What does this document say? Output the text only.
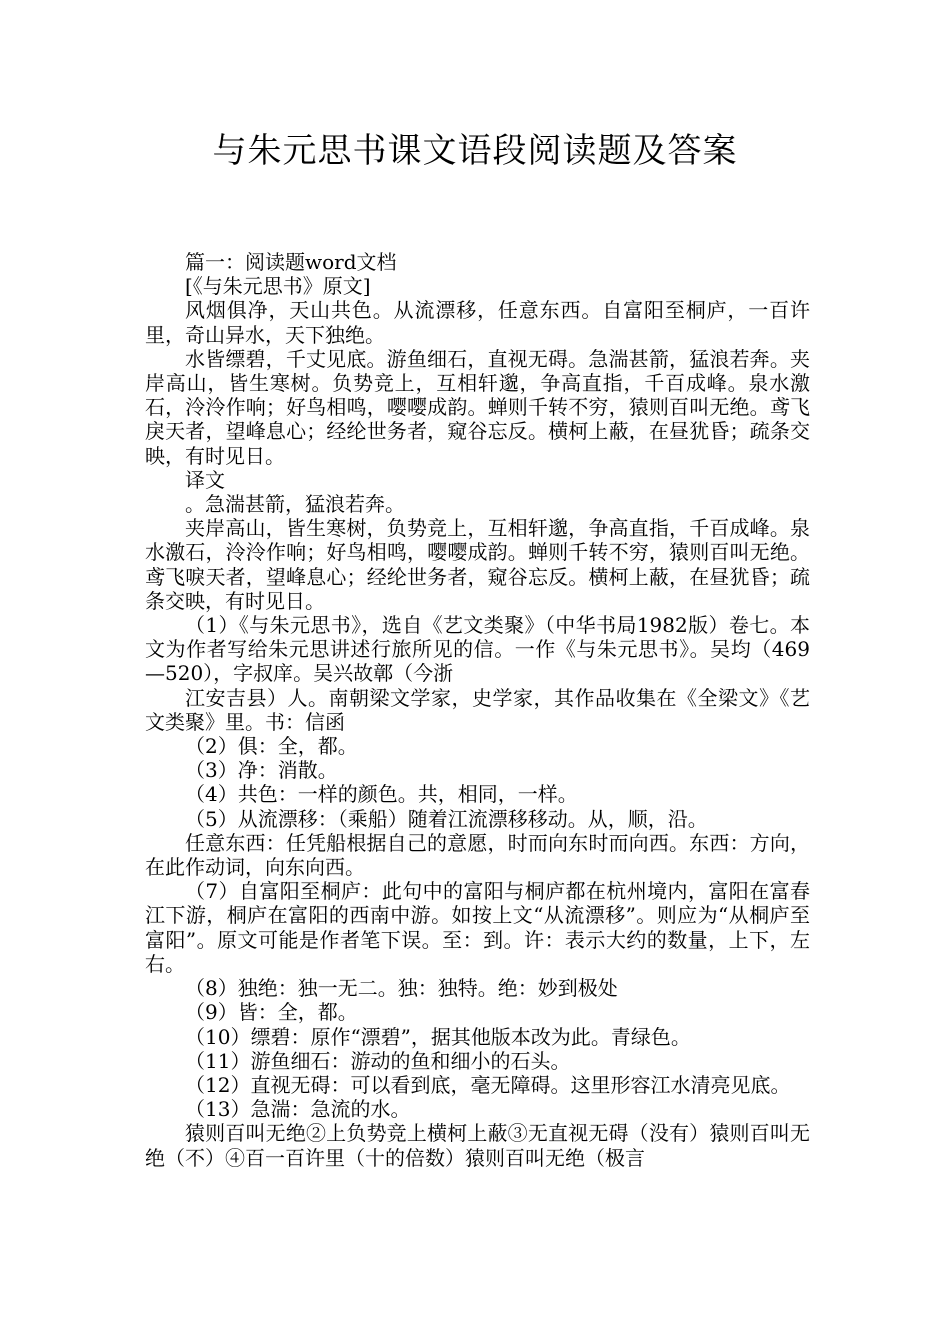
与朱元思书课文语段阅读题及答案

篇一：阅读题word文档

[《与朱元思书》原文]

风烟俱净，天山共色。从流漂移，任意东西。自富阳至桐庐，一百许里，奇山异水，天下独绝。

水皆缥碧，千丈见底。游鱼细石，直视无碍。急湍甚箭，猛浪若奔。夹岸高山，皆生寒树。负势竞上，互相轩邈，争高直指，千百成峰。泉水激石，泠泠作响；好鸟相鸣，嘤嘤成韵。蝉则千转不穷，猿则百叫无绝。鸢飞戾天者，望峰息心；经纶世务者，窥谷忘反。横柯上蔽，在昼犹昏；疏条交映，有时见日。

译文

。急湍甚箭，猛浪若奔。

夹岸高山，皆生寒树，负势竞上，互相轩邈，争高直指，千百成峰。泉水激石，泠泠作响；好鸟相鸣，嘤嘤成韵。蝉则千转不穷，猿则百叫无绝。鸢飞唳天者，望峰息心；经纶世务者，窥谷忘反。横柯上蔽，在昼犹昏；疏条交映，有时见日。

（1）《与朱元思书》，选自《艺文类聚》（中华书局1982版）卷七。本文为作者写给朱元思讲述行旅所见的信。一作《与朱元思书》。吴均（469—520），字叔庠。吴兴故鄣（今浙

江安吉县）人。南朝梁文学家，史学家，其作品收集在《全梁文》《艺文类聚》里。书：信函

（2）俱：全，都。

（3）净：消散。

（4）共色：一样的颜色。共，相同，一样。

（5）从流漂移：（乘船）随着江流漂移移动。从，顺，沿。

任意东西：任凭船根据自己的意愿，时而向东时而向西。东西：方向，在此作动词，向东向西。

（7）自富阳至桐庐：此句中的富阳与桐庐都在杭州境内，富阳在富春江下游，桐庐在富阳的西南中游。如按上文“从流漂移”。则应为“从桐庐至富阳”。原文可能是作者笔下误。至：到。许：表示大约的数量，上下，左右。

（8）独绝：独一无二。独：独特。绝：妙到极处

（9）皆：全，都。

（10）缥碧：原作“漂碧”，据其他版本改为此。青绿色。

（11）游鱼细石：游动的鱼和细小的石头。

（12）直视无碍：可以看到底，毫无障碍。这里形容江水清亮见底。

（13）急湍：急流的水。

猿则百叫无绝②上负势竞上横柯上蔽③无直视无碍（没有）猿则百叫无绝（不）④百一百许里（十的倍数）猿则百叫无绝（极言
